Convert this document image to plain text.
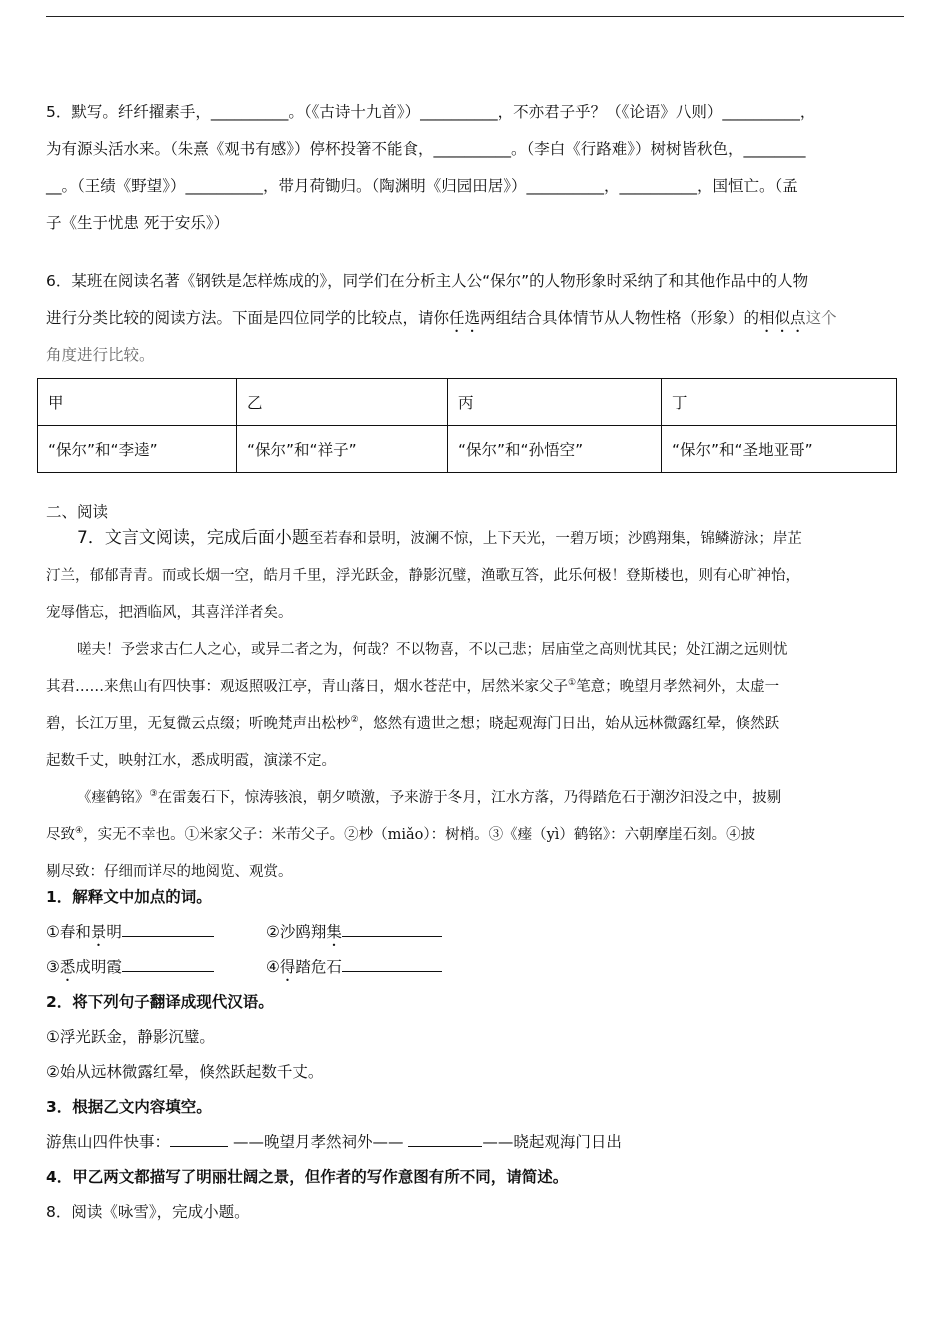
5．默写。纤纤擢素手，__________。（《古诗十九首》）__________，不亦君子乎？（《论语》八则）__________，

为有源头活水来。（朱熹《观书有感》）停杯投箸不能食，__________。（李白《行路难》）树树皆秋色，________

__。（王绩《野望》）__________，带月荷锄归。（陶渊明《归园田居》）__________，__________，国恒亡。（孟

子《生于忧患 死于安乐》）

6．某班在阅读名著《钢铁是怎样炼成的》，同学们在分析主人公“保尔”的人物形象时采纳了和其他作品中的人物

进行分类比较的阅读方法。下面是四位同学的比较点，请你任选两组结合具体情节从人物性格（形象）的相似点这个

角度进行比较。

甲	乙	丙	丁
“保尔”和“李逵”	“保尔”和“祥子”	“保尔”和“孙悟空”	“保尔”和“圣地亚哥”

二、阅读

7．文言文阅读，完成后面小题至若春和景明，波澜不惊，上下天光，一碧万顷；沙鸥翔集，锦鳞游泳；岸芷

汀兰，郁郁青青。而或长烟一空，皓月千里，浮光跃金，静影沉璧，渔歌互答，此乐何极！登斯楼也，则有心旷神怡，

宠辱偕忘，把酒临风，其喜洋洋者矣。

嗟夫！予尝求古仁人之心，或异二者之为，何哉？不以物喜，不以己悲；居庙堂之高则忧其民；处江湖之远则忧

其君……来焦山有四快事：观返照吸江亭，青山落日，烟水苍茫中，居然米家父子①笔意；晚望月孝然祠外，太虚一

碧，长江万里，无复微云点缀；听晚梵声出松杪②，悠然有遗世之想；晓起观海门日出，始从远林微露红晕，倏然跃

起数千丈，映射江水，悉成明霞，演漾不定。

《瘗鹤铭》③在雷轰石下，惊涛骇浪，朝夕喷激，予来游于冬月，江水方落，乃得踏危石于潮汐汩没之中，披剔

尽致④，实无不幸也。①米家父子：米芾父子。②杪（miǎo）：树梢。③《瘗（yì）鹤铭》：六朝摩崖石刻。④披

剔尽致：仔细而详尽的地阅览、观赏。

1．解释文中加点的词。

①春和景明	②沙鸥翔集

③悉成明霞	④得踏危石

2．将下列句子翻译成现代汉语。

①浮光跃金，静影沉璧。

②始从远林微露红晕，倏然跃起数千丈。

3．根据乙文内容填空。

游焦山四件快事：	——晚望月孝然祠外——	——晓起观海门日出

4．甲乙两文都描写了明丽壮阔之景，但作者的写作意图有所不同，请简述。

8．阅读《咏雪》，完成小题。
